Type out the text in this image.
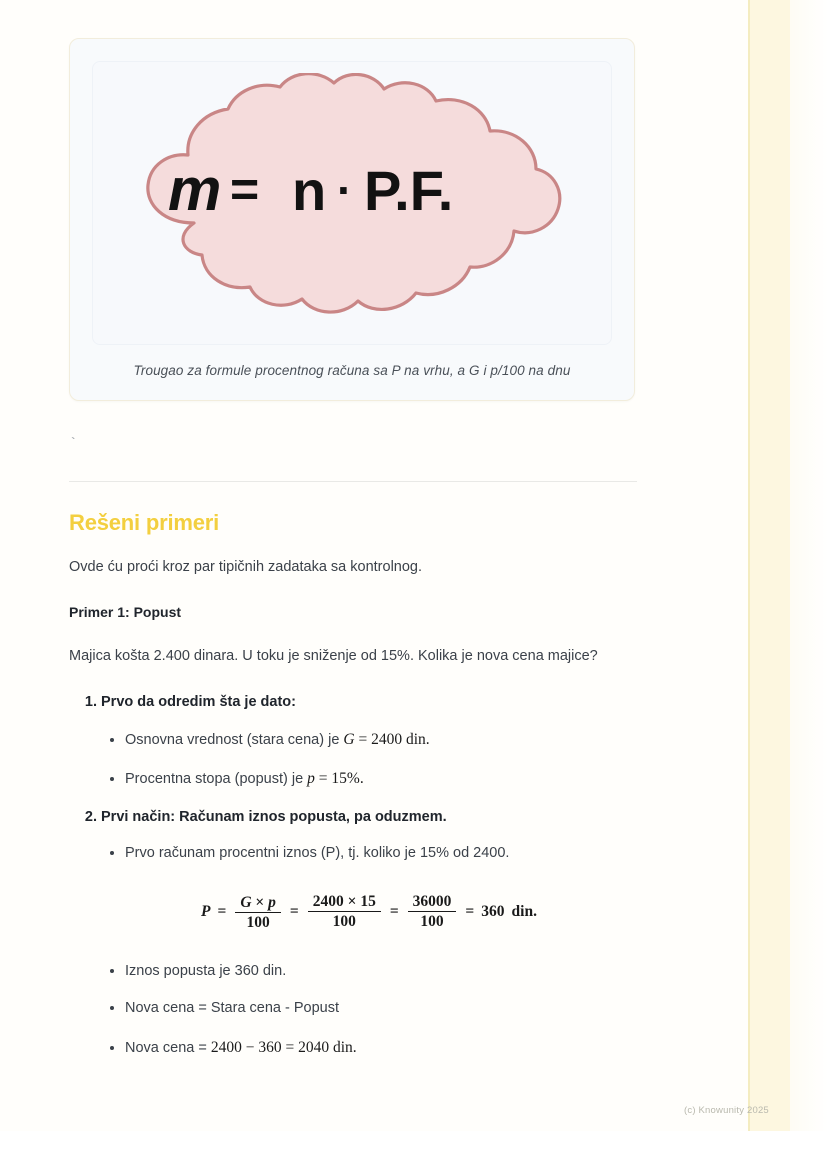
m = n · P.F.
Trougao za formule procentnog računa sa P na vrhu, a G i p/100 na dnu
`
Rešeni primeri

Ovde ću proći kroz par tipičnih zadataka sa kontrolnog.

Primer 1: Popust

Majica košta 2.400 dinara. U toku je sniženje od 15%. Kolika je nova cena majice?

1. Prvo da odredim šta je dato:
• Osnovna vrednost (stara cena) je G = 2400 din.
• Procentna stopa (popust) je p = 15%.
2. Prvi način: Računam iznos popusta, pa oduzmem.
• Prvo računam procentni iznos (P), tj. koliko je 15% od 2400.
$P = \frac{G \times p}{100} = \frac{2400 \times 15}{100} = \frac{36000}{100} = 360$ din.
• Iznos popusta je 360 din.
• Nova cena = Stara cena - Popust
• Nova cena = 2400 − 360 = 2040 din.
(c) Knowunity 2025
